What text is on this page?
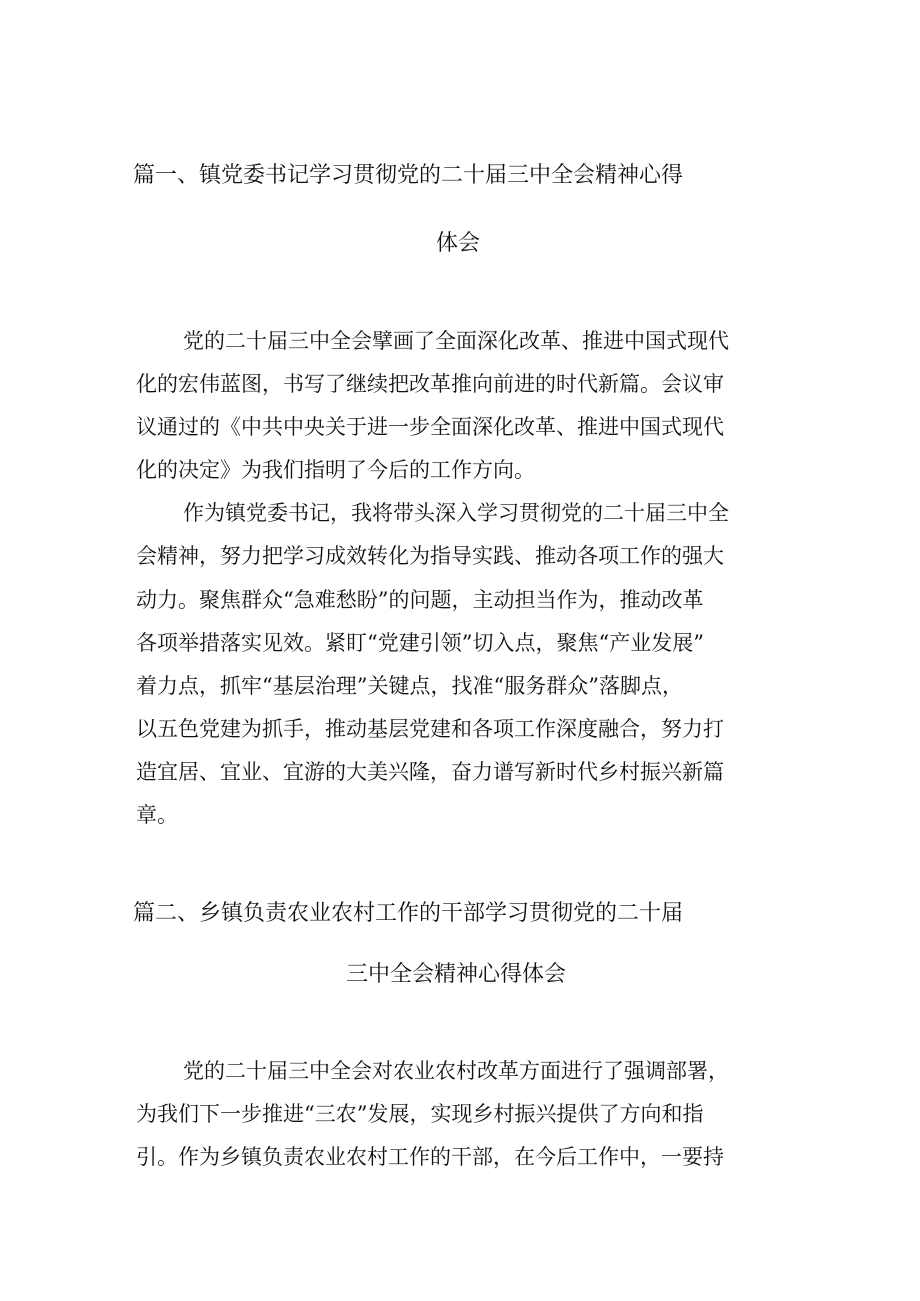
篇一、镇党委书记学习贯彻党的二十届三中全会精神心得
体会
党的二十届三中全会擘画了全面深化改革、推进中国式现代
化的宏伟蓝图，书写了继续把改革推向前进的时代新篇。会议审
议通过的《中共中央关于进一步全面深化改革、推进中国式现代
化的决定》为我们指明了今后的工作方向。
作为镇党委书记，我将带头深入学习贯彻党的二十届三中全
会精神，努力把学习成效转化为指导实践、推动各项工作的强大
动力。聚焦群众“急难愁盼”的问题，主动担当作为，推动改革
各项举措落实见效。紧盯“党建引领”切入点，聚焦“产业发展”
着力点，抓牢“基层治理”关键点，找准“服务群众”落脚点，
以五色党建为抓手，推动基层党建和各项工作深度融合，努力打
造宜居、宜业、宜游的大美兴隆，奋力谱写新时代乡村振兴新篇
章。
篇二、乡镇负责农业农村工作的干部学习贯彻党的二十届
三中全会精神心得体会
党的二十届三中全会对农业农村改革方面进行了强调部署，
为我们下一步推进“三农”发展，实现乡村振兴提供了方向和指
引。作为乡镇负责农业农村工作的干部，在今后工作中，一要持
